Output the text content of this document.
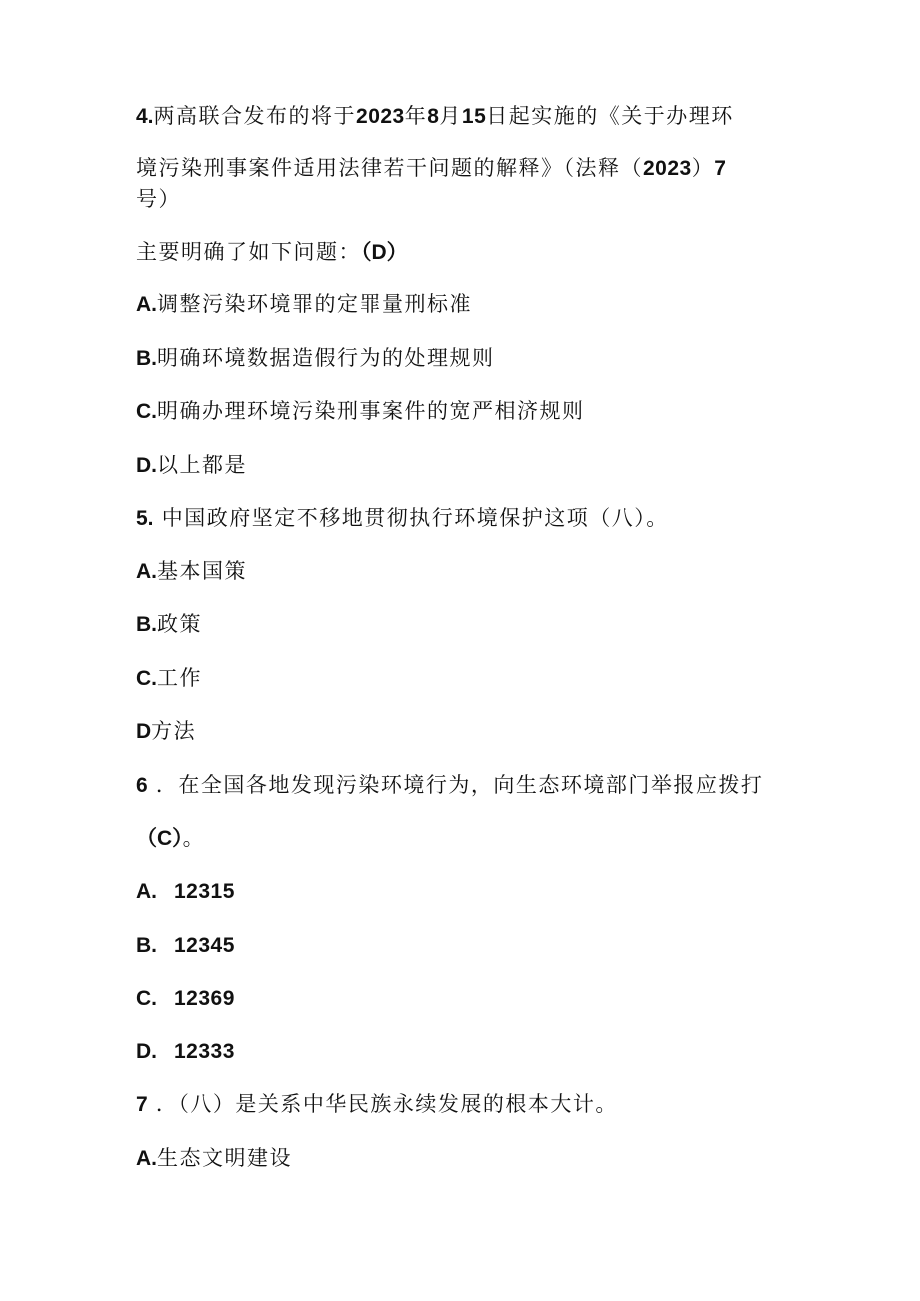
4.两高联合发布的将于2023年8月15日起实施的《关于办理环

境污染刑事案件适用法律若干问题的解释》（法释（2023）7

号）

主要明确了如下问题：（D）

A.调整污染环境罪的定罪量刑标准

B.明确环境数据造假行为的处理规则

C.明确办理环境污染刑事案件的宽严相济规则

D.以上都是

5. 中国政府坚定不移地贯彻执行环境保护这项（八）。

A.基本国策

B.政策

C.工作

D方法

6 ．在全国各地发现污染环境行为，向生态环境部门举报应拨打

（C）。

A. 12315

B. 12345

C. 12369

D. 12333

7 ．（八）是关系中华民族永续发展的根本大计。

A.生态文明建设
